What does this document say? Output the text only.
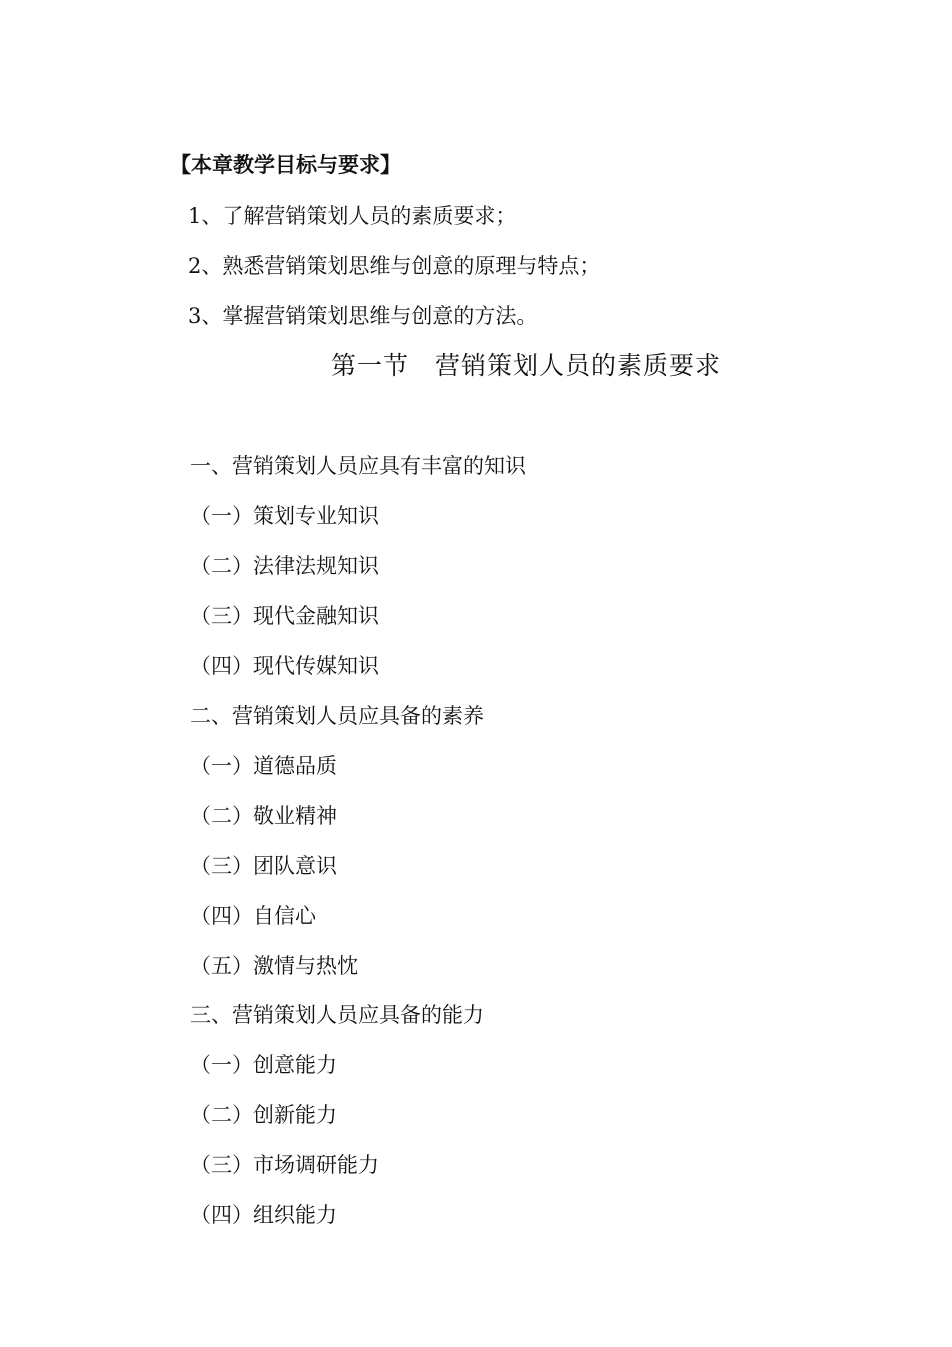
【本章教学目标与要求】
1、了解营销策划人员的素质要求；
2、熟悉营销策划思维与创意的原理与特点；
3、掌握营销策划思维与创意的方法。
第一节　营销策划人员的素质要求
一、营销策划人员应具有丰富的知识
（一）策划专业知识
（二）法律法规知识
（三）现代金融知识
（四）现代传媒知识
二、营销策划人员应具备的素养
（一）道德品质
（二）敬业精神
（三）团队意识
（四）自信心
（五）激情与热忱
三、营销策划人员应具备的能力
（一）创意能力
（二）创新能力
（三）市场调研能力
（四）组织能力
